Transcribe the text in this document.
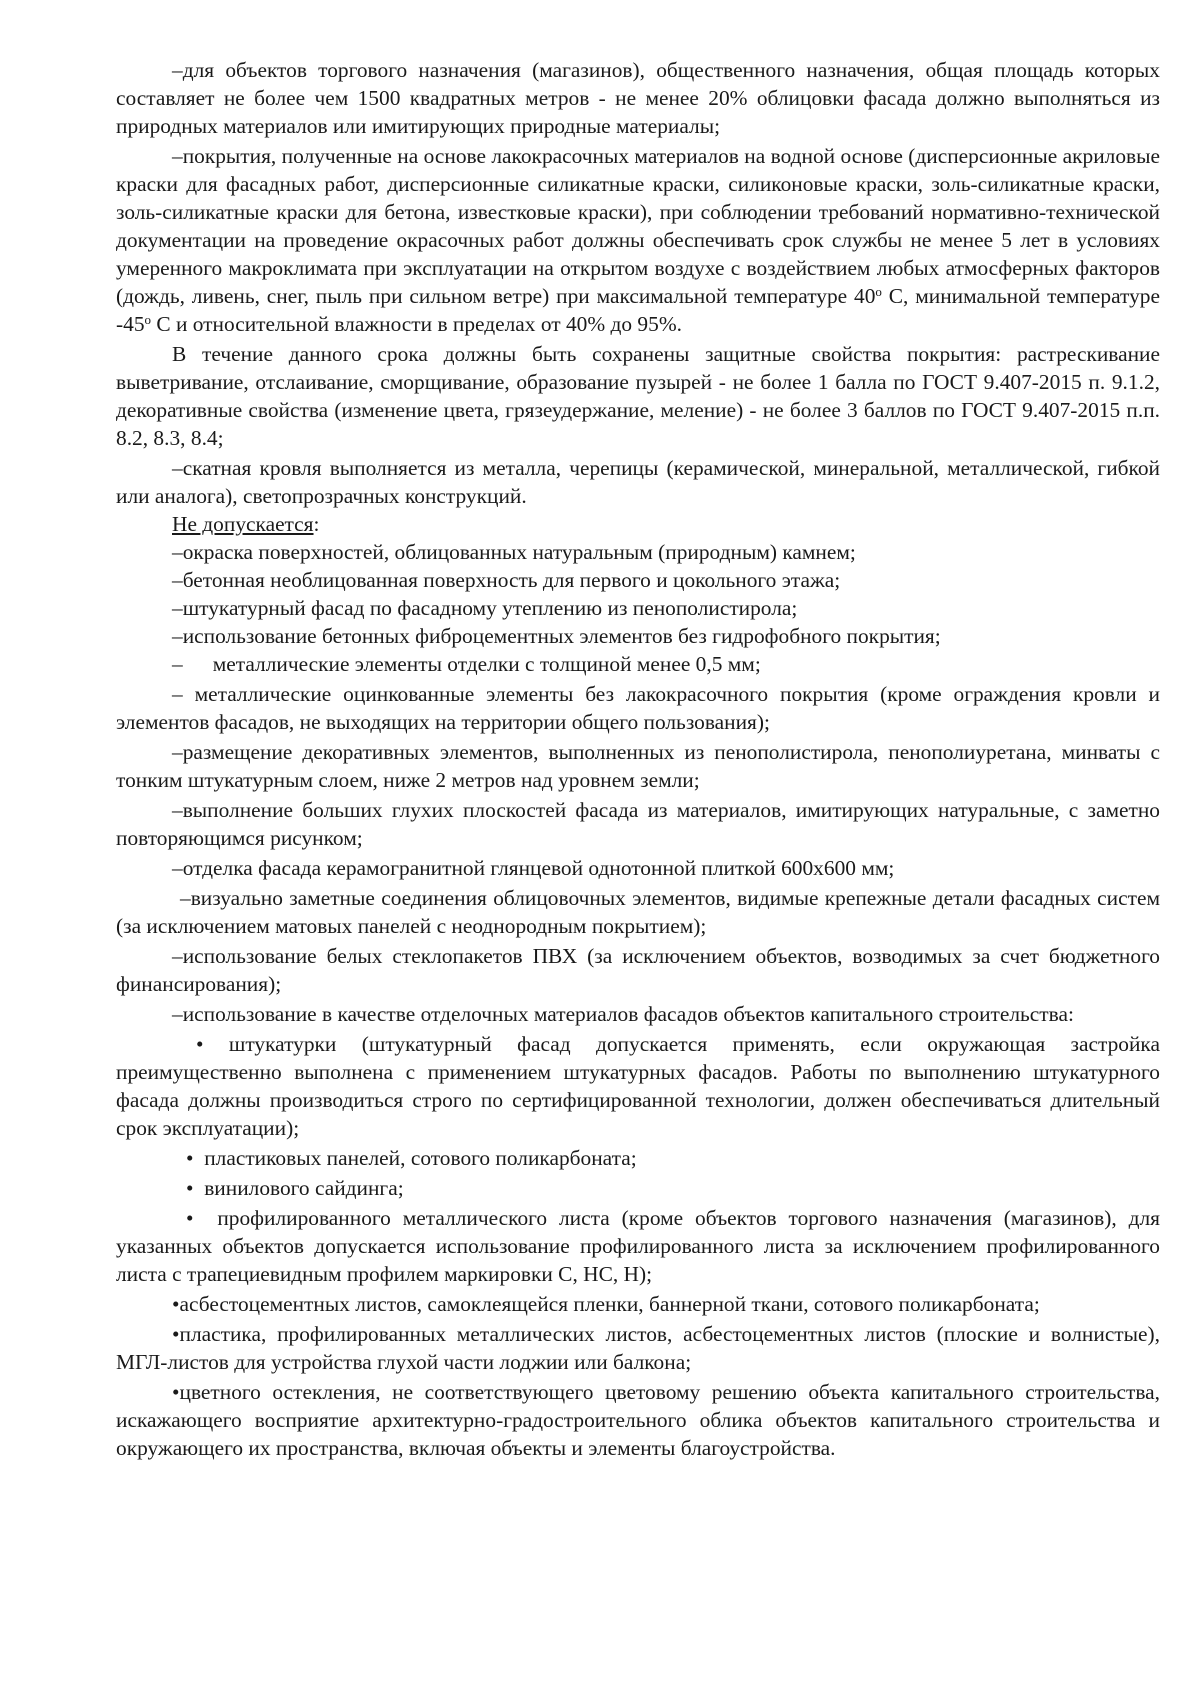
–для объектов торгового назначения (магазинов), общественного назначения, общая площадь которых составляет не более чем 1500 квадратных метров - не менее 20% облицовки фасада должно выполняться из природных материалов или имитирующих природные материалы;

–покрытия, полученные на основе лакокрасочных материалов на водной основе (дисперсионные акриловые краски для фасадных работ, дисперсионные силикатные краски, силиконовые краски, золь-силикатные краски, золь-силикатные краски для бетона, известковые краски), при соблюдении требований нормативно-технической документации на проведение окрасочных работ должны обеспечивать срок службы не менее 5 лет в условиях умеренного макроклимата при эксплуатации на открытом воздухе с воздействием любых атмосферных факторов (дождь, ливень, снег, пыль при сильном ветре) при максимальной температуре $40^о$ С, минимальной температуре $-45^о$ С и относительной влажности в пределах от 40% до 95%.

В течение данного срока должны быть сохранены защитные свойства покрытия: растрескивание выветривание, отслаивание, сморщивание, образование пузырей - не более 1 балла по ГОСТ 9.407-2015 п. 9.1.2, декоративные свойства (изменение цвета, грязеудержание, меление) - не более 3 баллов по ГОСТ 9.407-2015 п.п. 8.2, 8.3, 8.4;

–скатная кровля выполняется из металла, черепицы (керамической, минеральной, металлической, гибкой или аналога), светопрозрачных конструкций.

Не допускается:

–окраска поверхностей, облицованных натуральным (природным) камнем;

–бетонная необлицованная поверхность для первого и цокольного этажа;

–штукатурный фасад по фасадному утеплению из пенополистирола;

–использование бетонных фиброцементных элементов без гидрофобного покрытия;

– металлические элементы отделки с толщиной менее 0,5 мм;

– металлические оцинкованные элементы без лакокрасочного покрытия (кроме ограждения кровли и элементов фасадов, не выходящих на территории общего пользования);

–размещение декоративных элементов, выполненных из пенополистирола, пенополиуретана, минваты с тонким штукатурным слоем, ниже 2 метров над уровнем земли;

–выполнение больших глухих плоскостей фасада из материалов, имитирующих натуральные, с заметно повторяющимся рисунком;

–отделка фасада керамогранитной глянцевой однотонной плиткой 600х600 мм;

–визуально заметные соединения облицовочных элементов, видимые крепежные детали фасадных систем (за исключением матовых панелей с неоднородным покрытием);

–использование белых стеклопакетов ПВХ (за исключением объектов, возводимых за счет бюджетного финансирования);

–использование в качестве отделочных материалов фасадов объектов капитального строительства:

• штукатурки (штукатурный фасад допускается применять, если окружающая застройка преимущественно выполнена с применением штукатурных фасадов. Работы по выполнению штукатурного фасада должны производиться строго по сертифицированной технологии, должен обеспечиваться длительный срок эксплуатации);

• пластиковых панелей, сотового поликарбоната;

• винилового сайдинга;

• профилированного металлического листа (кроме объектов торгового назначения (магазинов), для указанных объектов допускается использование профилированного листа за исключением профилированного листа с трапециевидным профилем маркировки С, НС, Н);

•асбестоцементных листов, самоклеящейся пленки, баннерной ткани, сотового поликарбоната;

•пластика, профилированных металлических листов, асбестоцементных листов (плоские и волнистые), МГЛ-листов для устройства глухой части лоджии или балкона;

•цветного остекления, не соответствующего цветовому решению объекта капитального строительства, искажающего восприятие архитектурно-градостроительного облика объектов капитального строительства и окружающего их пространства, включая объекты и элементы благоустройства.
